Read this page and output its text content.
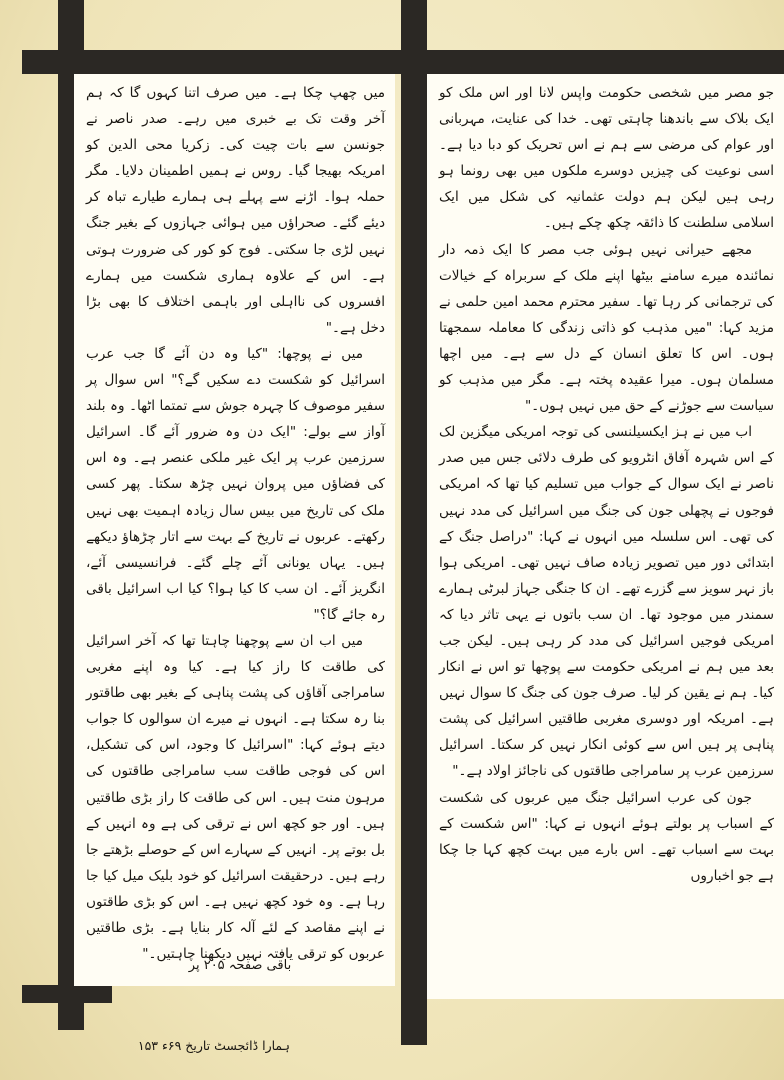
میں چھپ چکا ہے۔ میں صرف اتنا کہوں گا کہ ہم آخر وقت تک بے خبری میں رہے۔ صدر ناصر نے جونسن سے بات چیت کی۔ زکریا محی الدین کو امریکہ بھیجا گیا۔ روس نے ہمیں اطمینان دلایا۔ مگر حملہ ہوا۔ اڑنے سے پہلے ہی ہمارے طیارے تباہ کر دیئے گئے۔ صحراؤں میں ہوائی جہازوں کے بغیر جنگ نہیں لڑی جا سکتی۔ فوج کو کور کی ضرورت ہوتی ہے۔ اس کے علاوہ ہماری شکست میں ہمارے افسروں کی نااہلی اور باہمی اختلاف کا بھی بڑا دخل ہے۔"

میں نے پوچھا: "کیا وہ دن آئے گا جب عرب اسرائیل کو شکست دے سکیں گے؟" اس سوال پر سفیر موصوف کا چہرہ جوش سے تمتما اٹھا۔ وہ بلند آواز سے بولے: "ایک دن وہ ضرور آئے گا۔ اسرائیل سرزمین عرب پر ایک غیر ملکی عنصر ہے۔ وہ اس کی فضاؤں میں پروان نہیں چڑھ سکتا۔ پھر کسی ملک کی تاریخ میں بیس سال زیادہ اہمیت بھی نہیں رکھتے۔ عربوں نے تاریخ کے بہت سے اتار چڑھاؤ دیکھے ہیں۔ یہاں یونانی آئے چلے گئے۔ فرانسیسی آئے، انگریز آئے۔ ان سب کا کیا ہوا؟ کیا اب اسرائیل باقی رہ جائے گا؟"

میں اب ان سے پوچھنا چاہتا تھا کہ آخر اسرائیل کی طاقت کا راز کیا ہے۔ کیا وہ اپنے مغربی سامراجی آقاؤں کی پشت پناہی کے بغیر بھی طاقتور بنا رہ سکتا ہے۔ انہوں نے میرے ان سوالوں کا جواب دیتے ہوئے کہا: "اسرائیل کا وجود، اس کی تشکیل، اس کی فوجی طاقت سب سامراجی طاقتوں کی مرہون منت ہیں۔ اس کی طاقت کا راز بڑی طاقتیں ہیں۔ اور جو کچھ اس نے ترقی کی ہے وہ انہیں کے بل بوتے پر۔ انہیں کے سہارے اس کے حوصلے بڑھتے جا رہے ہیں۔ درحقیقت اسرائیل کو خود بلیک میل کیا جا رہا ہے۔ وہ خود کچھ نہیں ہے۔ اس کو بڑی طاقتوں نے اپنے مقاصد کے لئے آلہ کار بنایا ہے۔ بڑی طاقتیں عربوں کو ترقی یافتہ نہیں دیکھنا چاہتیں۔"

باقی صفحہ ۲۰۵ پر

جو مصر میں شخصی حکومت واپس لانا اور اس ملک کو ایک بلاک سے باندھنا چاہتی تھی۔ خدا کی عنایت، مہربانی اور عوام کی مرضی سے ہم نے اس تحریک کو دبا دیا ہے۔ اسی نوعیت کی چیزیں دوسرے ملکوں میں بھی رونما ہو رہی ہیں لیکن ہم دولت عثمانیہ کی شکل میں ایک اسلامی سلطنت کا ذائقہ چکھ چکے ہیں۔

مجھے حیرانی نہیں ہوئی جب مصر کا ایک ذمہ دار نمائندہ میرے سامنے بیٹھا اپنے ملک کے سربراہ کے خیالات کی ترجمانی کر رہا تھا۔ سفیر محترم محمد امین حلمی نے مزید کہا: "میں مذہب کو ذاتی زندگی کا معاملہ سمجھتا ہوں۔ اس کا تعلق انسان کے دل سے ہے۔ میں اچھا مسلمان ہوں۔ میرا عقیدہ پختہ ہے۔ مگر میں مذہب کو سیاست سے جوڑنے کے حق میں نہیں ہوں۔"

اب میں نے ہز ایکسیلنسی کی توجہ امریکی میگزین لک کے اس شہرہ آفاق انٹرویو کی طرف دلائی جس میں صدر ناصر نے ایک سوال کے جواب میں تسلیم کیا تھا کہ امریکی فوجوں نے پچھلی جون کی جنگ میں اسرائیل کی مدد نہیں کی تھی۔ اس سلسلہ میں انہوں نے کہا: "دراصل جنگ کے ابتدائی دور میں تصویر زیادہ صاف نہیں تھی۔ امریکی ہوا باز نہر سویز سے گزرے تھے۔ ان کا جنگی جہاز لبرٹی ہمارے سمندر میں موجود تھا۔ ان سب باتوں نے یہی تاثر دیا کہ امریکی فوجیں اسرائیل کی مدد کر رہی ہیں۔ لیکن جب بعد میں ہم نے امریکی حکومت سے پوچھا تو اس نے انکار کیا۔ ہم نے یقین کر لیا۔ صرف جون کی جنگ کا سوال نہیں ہے۔ امریکہ اور دوسری مغربی طاقتیں اسرائیل کی پشت پناہی پر ہیں اس سے کوئی انکار نہیں کر سکتا۔ اسرائیل سرزمین عرب پر سامراجی طاقتوں کی ناجائز اولاد ہے۔"

جون کی عرب اسرائیل جنگ میں عربوں کی شکست کے اسباب پر بولتے ہوئے انہوں نے کہا: "اس شکست کے بہت سے اسباب تھے۔ اس بارے میں بہت کچھ کہا جا چکا ہے جو اخباروں

ہمارا ڈائجسٹ تاریخ ۶۹ء ۱۵۳
